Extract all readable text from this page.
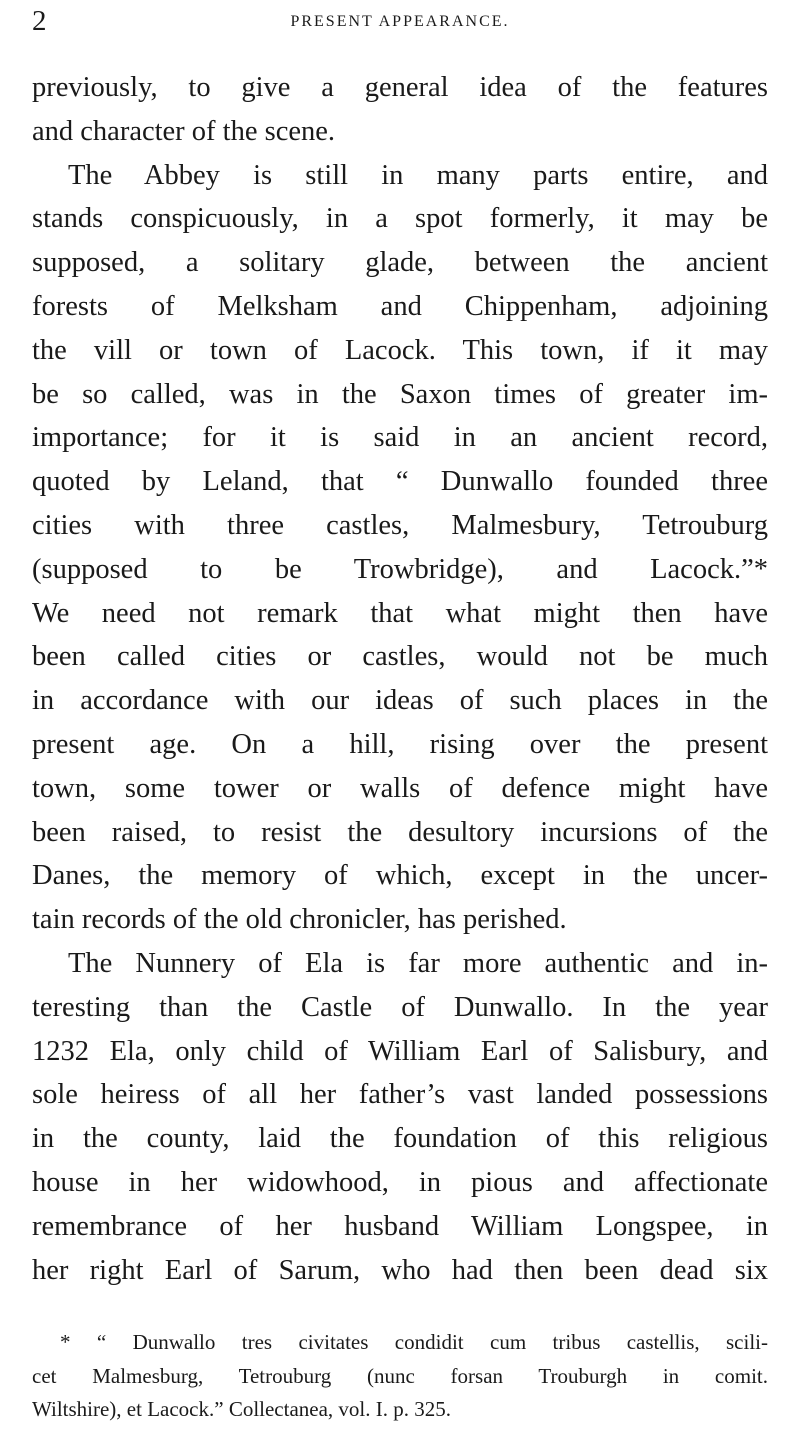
2	PRESENT APPEARANCE.
previously, to give a general idea of the features
and character of the scene.
The Abbey is still in many parts entire, and
stands conspicuously, in a spot formerly, it may be
supposed, a solitary glade, between the ancient
forests of Melksham and Chippenham, adjoining
the vill or town of Lacock. This town, if it may
be so called, was in the Saxon times of greater im-
importance; for it is said in an ancient record,
quoted by Leland, that “ Dunwallo founded three
cities with three castles, Malmesbury, Tetrouburg
(supposed to be Trowbridge), and Lacock.”*
We need not remark that what might then have
been called cities or castles, would not be much
in accordance with our ideas of such places in the
present age. On a hill, rising over the present
town, some tower or walls of defence might have
been raised, to resist the desultory incursions of the
Danes, the memory of which, except in the uncer-
tain records of the old chronicler, has perished.
The Nunnery of Ela is far more authentic and in-
teresting than the Castle of Dunwallo. In the year
1232 Ela, only child of William Earl of Salisbury, and
sole heiress of all her father’s vast landed possessions
in the county, laid the foundation of this religious
house in her widowhood, in pious and affectionate
remembrance of her husband William Longspee, in
her right Earl of Sarum, who had then been dead six
* “ Dunwallo tres civitates condidit cum tribus castellis, scili-
cet Malmesburg, Tetrouburg (nunc forsan Trouburgh in comit.
Wiltshire), et Lacock.” Collectanea, vol. I. p. 325.
